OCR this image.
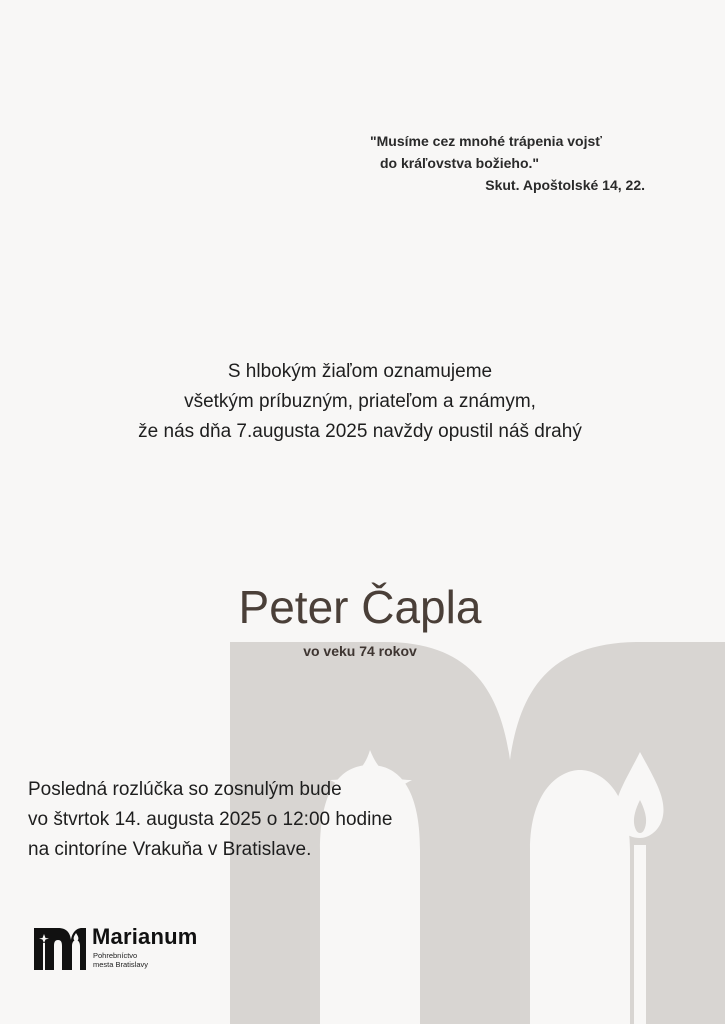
"Musíme cez mnohé trápenia vojsť
do kráľovstva božieho."
Skut. Apoštolské 14, 22.
S hlbokým žiaľom oznamujeme
všetkým príbuzným, priateľom a známym,
že nás dňa 7.augusta 2025 navždy opustil náš drahý
Peter Čapla
vo veku 74 rokov
Posledná rozlúčka so zosnulým bude
vo štvrtok 14. augusta 2025 o 12:00 hodine
na cintoríne Vrakuňa v Bratislave.
Marianum
Pohrebníctvo
mesta Bratislavy
